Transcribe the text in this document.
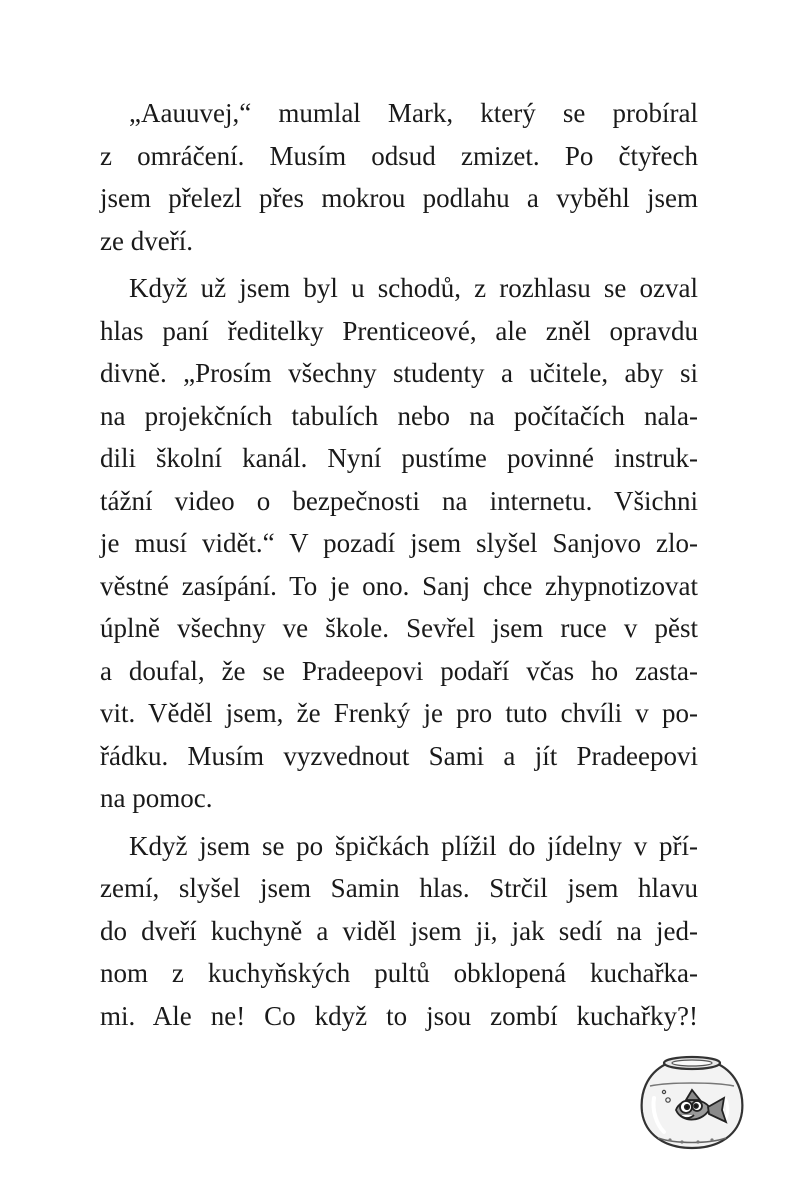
„Aauuvej,“ mumlal Mark, který se probíral
z omráčení. Musím odsud zmizet. Po čtyřech
jsem přelezl přes mokrou podlahu a vyběhl jsem
ze dveří.
Když už jsem byl u schodů, z rozhlasu se ozval
hlas paní ředitelky Prenticeové, ale zněl opravdu
divně. „Prosím všechny studenty a učitele, aby si
na projekčních tabulích nebo na počítačích nala-
dili školní kanál. Nyní pustíme povinné instruk-
tážní video o bezpečnosti na internetu. Všichni
je musí vidět.“ V pozadí jsem slyšel Sanjovo zlo-
věstné zasípání. To je ono. Sanj chce zhypnotizovat
úplně všechny ve škole. Sevřel jsem ruce v pěst
a doufal, že se Pradeepovi podaří včas ho zasta-
vit. Věděl jsem, že Frenký je pro tuto chvíli v po-
řádku. Musím vyzvednout Sami a jít Pradeepovi
na pomoc.
Když jsem se po špičkách plížil do jídelny v pří-
zemí, slyšel jsem Samin hlas. Strčil jsem hlavu
do dveří kuchyně a viděl jsem ji, jak sedí na jed-
nom z kuchyňských pultů obklopená kuchařka-
mi. Ale ne! Co když to jsou zombí kuchařky?!
